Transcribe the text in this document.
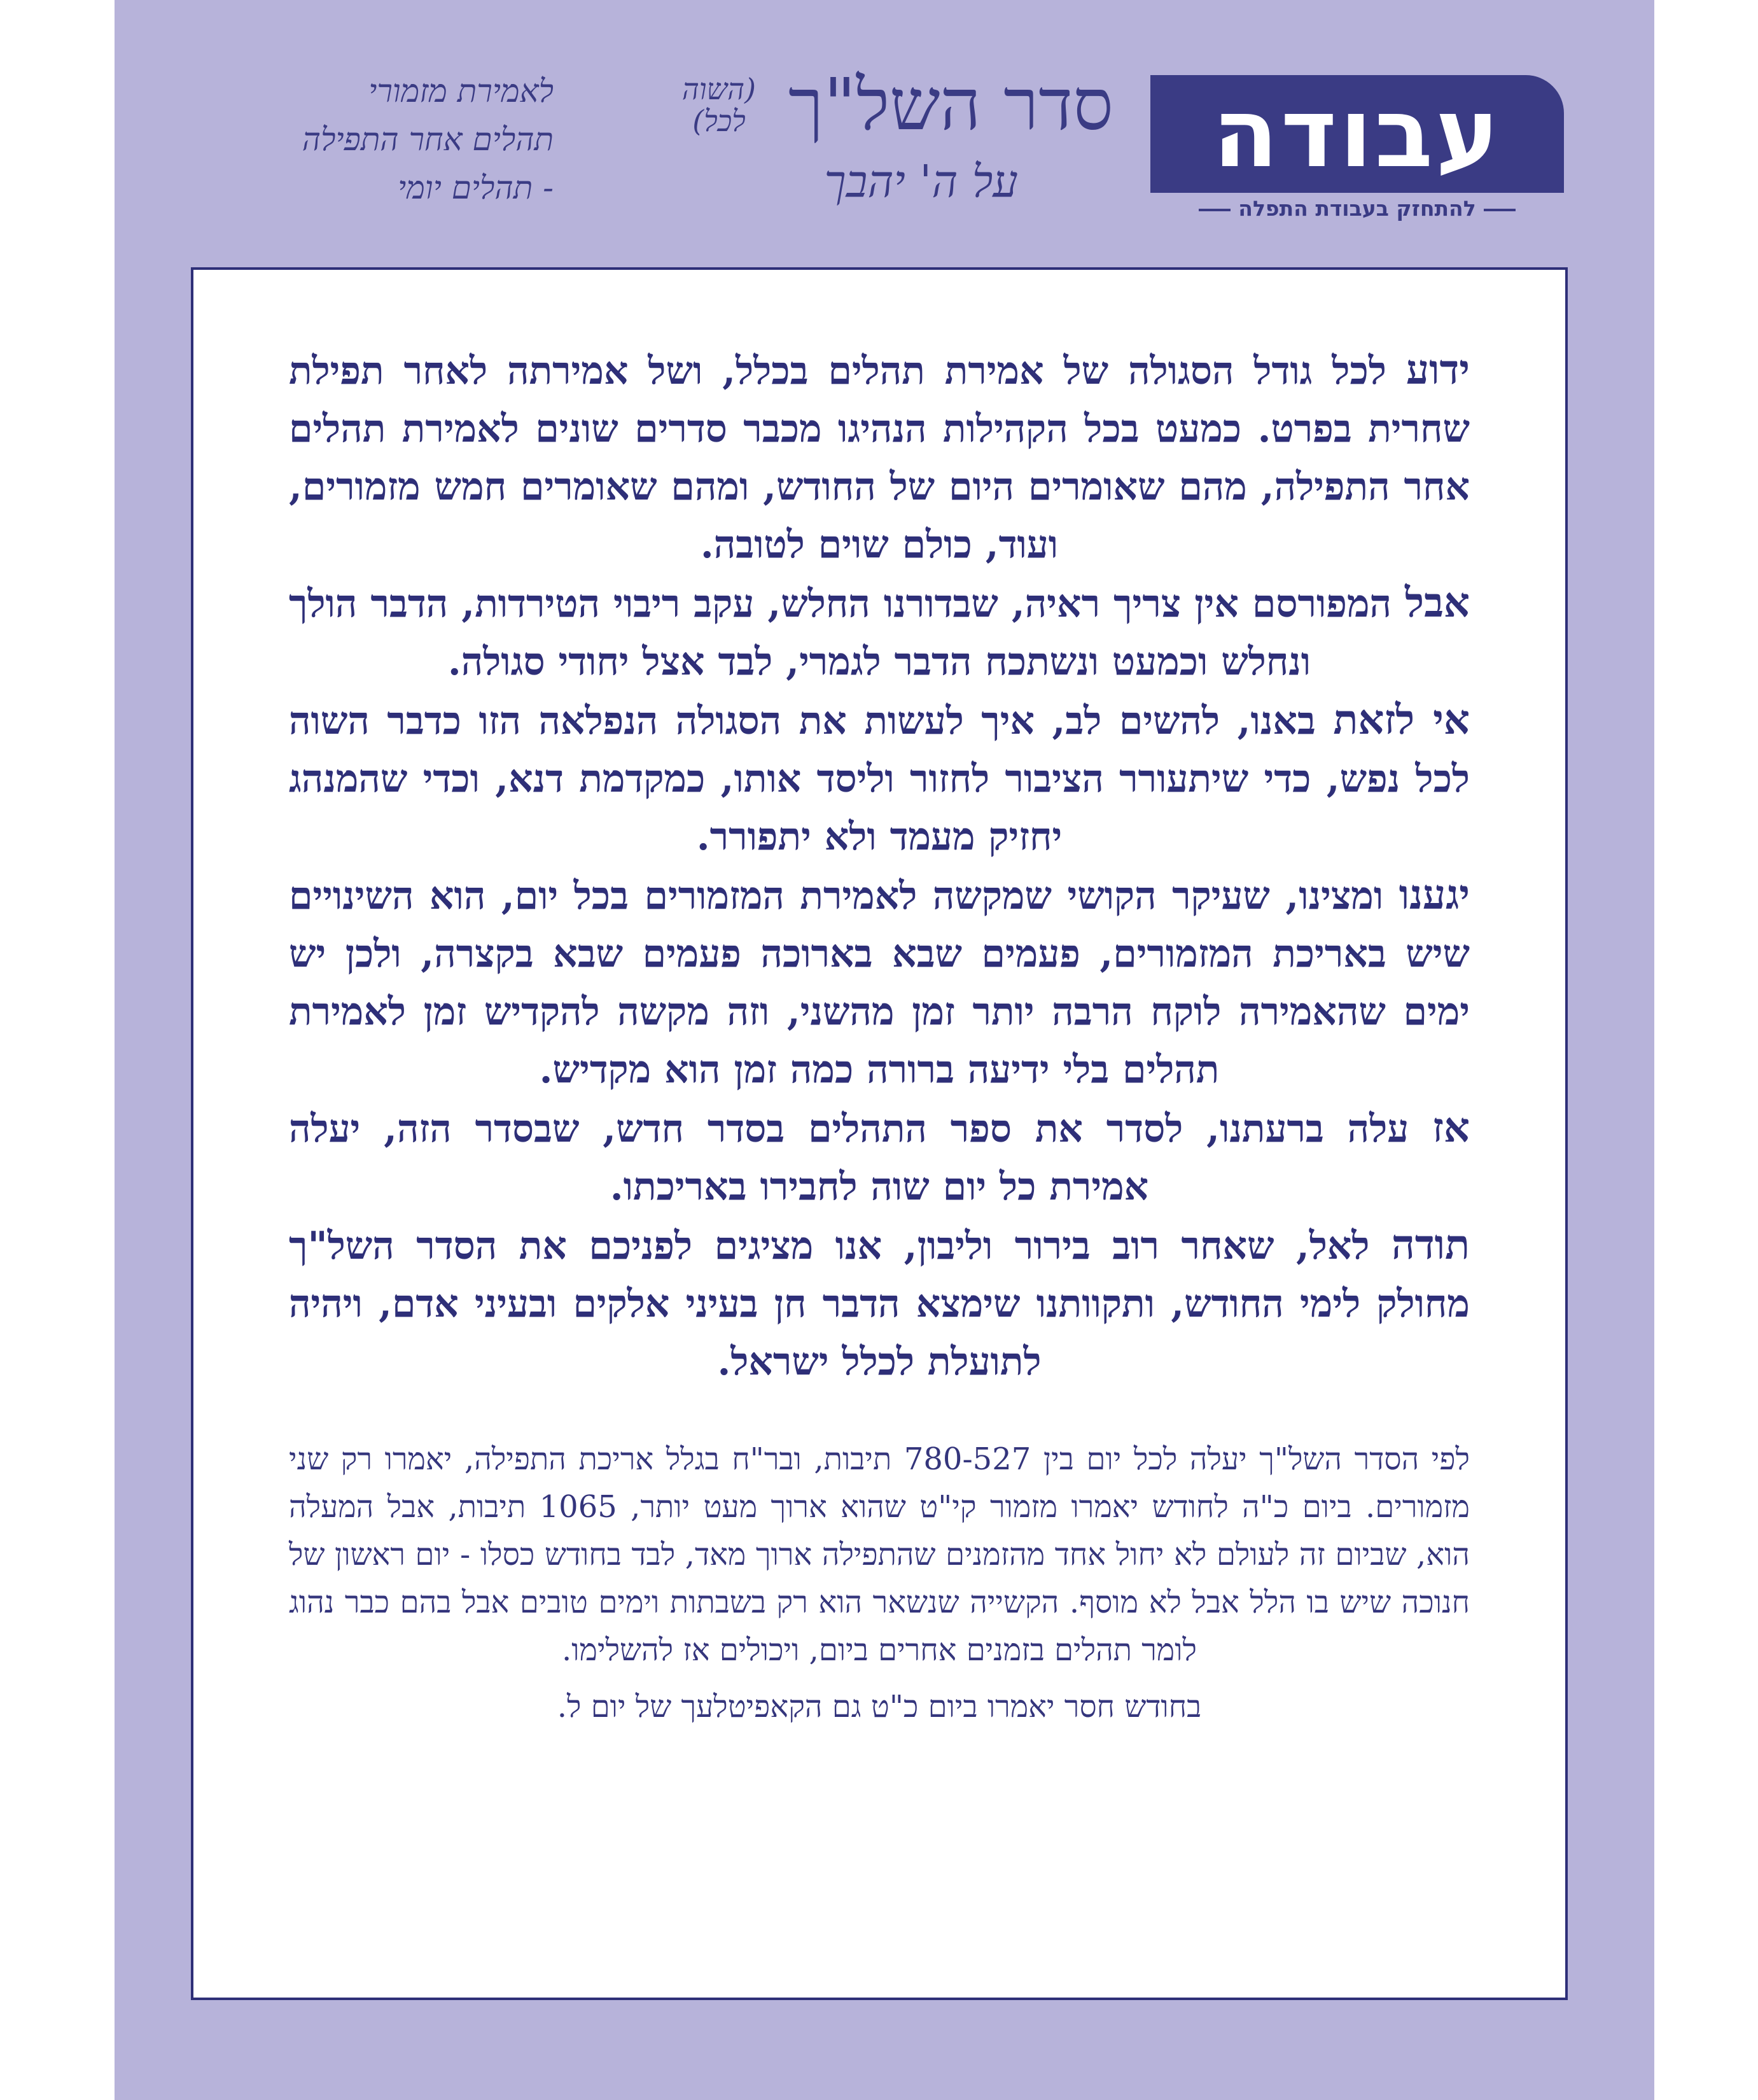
עבודה
להתחזק בעבודת התפלה
סדר השל"ך
(השוה לכל)
על ה' יהבך
לאמירת מזמורי
תהלים אחר התפילה
- תהלים יומי

ידוע לכל גודל הסגולה של אמירת תהלים בכלל, ושל אמירתה לאחר תפילת שחרית בפרט. כמעט בכל הקהילות הנהיגו מכבר סדרים שונים לאמירת תהלים אחר התפילה, מהם שאומרים היום של החודש, ומהם שאומרים חמש מזמורים, ועוד, כולם שוים לטובה.

אבל המפורסם אין צריך ראיה, שבדורנו החלש, עקב ריבוי הטירדות, הדבר הולך ונחלש וכמעט ונשתכח הדבר לגמרי, לבד אצל יחודי סגולה.

אי לזאת באנו, להשים לב, איך לעשות את הסגולה הנפלאה הזו כדבר השוה לכל נפש, כדי שיתעורר הציבור לחזור וליסד אותו, כמקדמת דנא, וכדי שהמנהג יחזיק מעמד ולא יתפורר.

יגענו ומצינו, שעיקר הקושי שמקשה לאמירת המזמורים בכל יום, הוא השינויים שיש באריכת המזמורים, פעמים שבא בארוכה פעמים שבא בקצרה, ולכן יש ימים שהאמירה לוקח הרבה יותר זמן מהשני, וזה מקשה להקדיש זמן לאמירת תהלים בלי ידיעה ברורה כמה זמן הוא מקדיש.

אז עלה ברעתנו, לסדר את ספר התהלים בסדר חדש, שבסדר הזה, יעלה אמירת כל יום שוה לחבירו באריכתו.

תודה לאל, שאחר רוב בירור וליבון, אנו מציגים לפניכם את הסדר השל"ך מחולק לימי החודש, ותקוותנו שימצא הדבר חן בעיני אלקים ובעיני אדם, ויהיה לתועלת לכלל ישראל.

לפי הסדר השל"ך יעלה לכל יום בין 780-527 תיבות, ובר"ח בגלל אריכת התפילה, יאמרו רק שני מזמורים. ביום כ"ה לחודש יאמרו מזמור קי"ט שהוא ארוך מעט יותר, 1065 תיבות, אבל המעלה הוא, שביום זה לעולם לא יחול אחד מהזמנים שהתפילה ארוך מאד, לבד בחודש כסלו - יום ראשון של חנוכה שיש בו הלל אבל לא מוסף. הקשייה שנשאר הוא רק בשבתות וימים טובים אבל בהם כבר נהוג לומר תהלים בזמנים אחרים ביום, ויכולים אז להשלימו.

בחודש חסר יאמרו ביום כ"ט גם הקאפיטלעך של יום ל.
